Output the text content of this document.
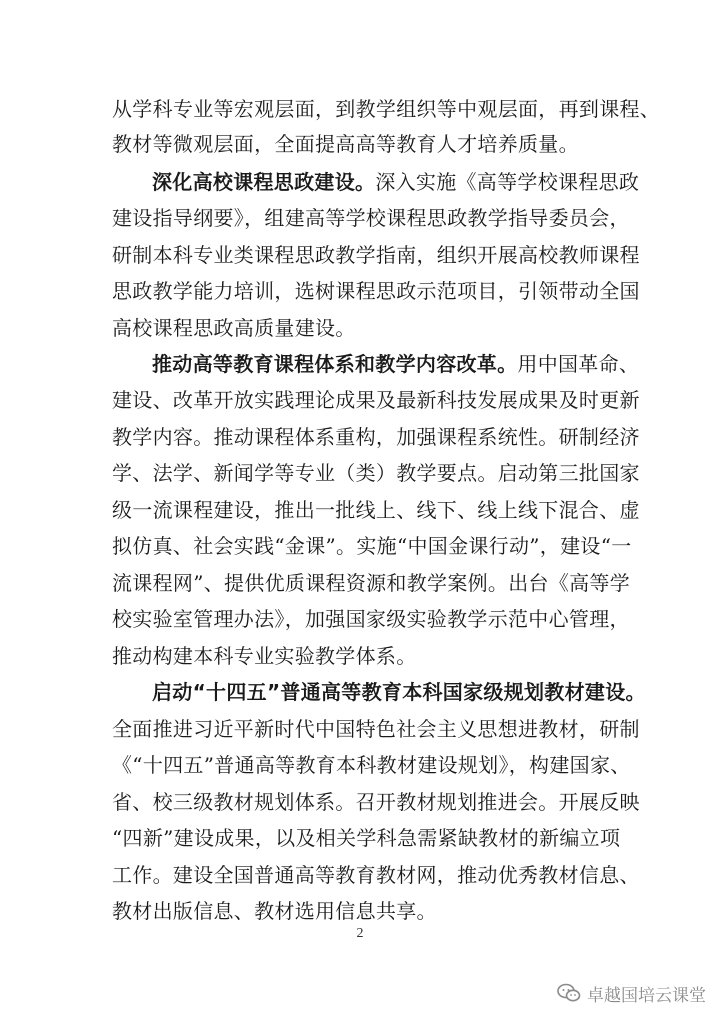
从学科专业等宏观层面，到教学组织等中观层面，再到课程、
教材等微观层面，全面提高高等教育人才培养质量。
深化高校课程思政建设。深入实施《高等学校课程思政
建设指导纲要》，组建高等学校课程思政教学指导委员会，
研制本科专业类课程思政教学指南，组织开展高校教师课程
思政教学能力培训，选树课程思政示范项目，引领带动全国
高校课程思政高质量建设。
推动高等教育课程体系和教学内容改革。用中国革命、
建设、改革开放实践理论成果及最新科技发展成果及时更新
教学内容。推动课程体系重构，加强课程系统性。研制经济
学、法学、新闻学等专业（类）教学要点。启动第三批国家
级一流课程建设，推出一批线上、线下、线上线下混合、虚
拟仿真、社会实践“金课”。实施“中国金课行动”，建设“一
流课程网”、提供优质课程资源和教学案例。出台《高等学
校实验室管理办法》，加强国家级实验教学示范中心管理，
推动构建本科专业实验教学体系。
启动“十四五”普通高等教育本科国家级规划教材建设。
全面推进习近平新时代中国特色社会主义思想进教材，研制
《“十四五”普通高等教育本科教材建设规划》，构建国家、
省、校三级教材规划体系。召开教材规划推进会。开展反映
“四新”建设成果，以及相关学科急需紧缺教材的新编立项
工作。建设全国普通高等教育教材网，推动优秀教材信息、
教材出版信息、教材选用信息共享。
2
卓越国培云课堂
